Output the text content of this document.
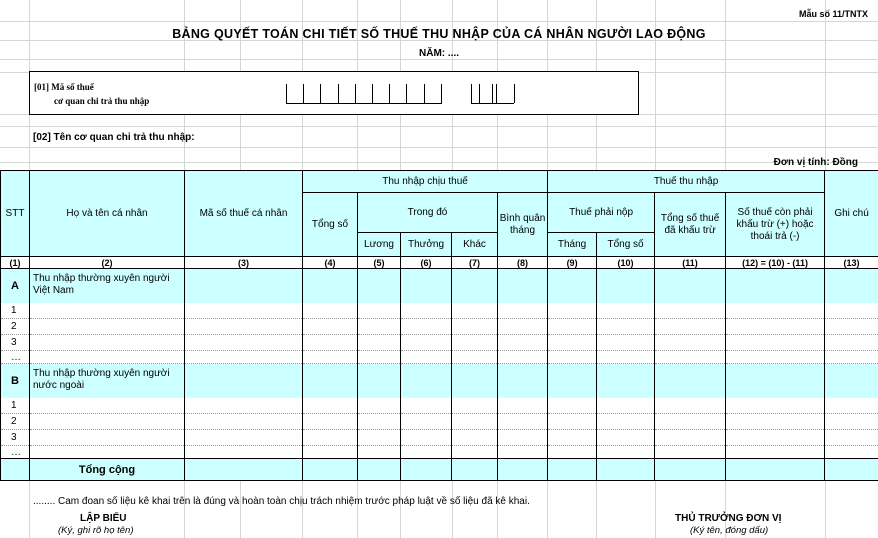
Mẫu số 11/TNTX
BẢNG QUYẾT TOÁN CHI TIẾT SỐ THUẾ THU NHẬP CỦA CÁ NHÂN NGƯỜI LAO ĐỘNG
NĂM: ....
[01] Mã số thuế
cơ quan chi trả thu nhập
[02] Tên cơ quan chi trả thu nhập:
Đơn vị tính: Đồng
STT	Họ và tên cá nhân	Mã số thuế cá nhân	Thu nhập chịu thuế					Thuế thu nhập				Ghi chú
			Tổng số	Trong đó			Bình quân tháng	Thuế phải nộp		Tổng số thuế đã khấu trừ	Số thuế còn phải khấu trừ (+) hoặc thoái trả (-)	
				Lương	Thưởng	Khác		Tháng	Tổng số			
(1)	(2)	(3)	(4)	(5)	(6)	(7)	(8)	(9)	(10)	(11)	(12) = (10) - (11)	(13)
A	Thu nhập thường xuyên người Việt Nam											
1												
2												
3												
…												
B	Thu nhập thường xuyên người nước ngoài											
1												
2												
3												
…												
	Tổng cộng											
........ Cam đoan số liệu kê khai trên là đúng và hoàn toàn chịu trách nhiệm trước pháp luật về số liệu đã kê khai.
LẬP BIỂU
(Ký, ghi rõ họ tên)
THỦ TRƯỞNG ĐƠN VỊ
(Ký tên, đóng dấu)
